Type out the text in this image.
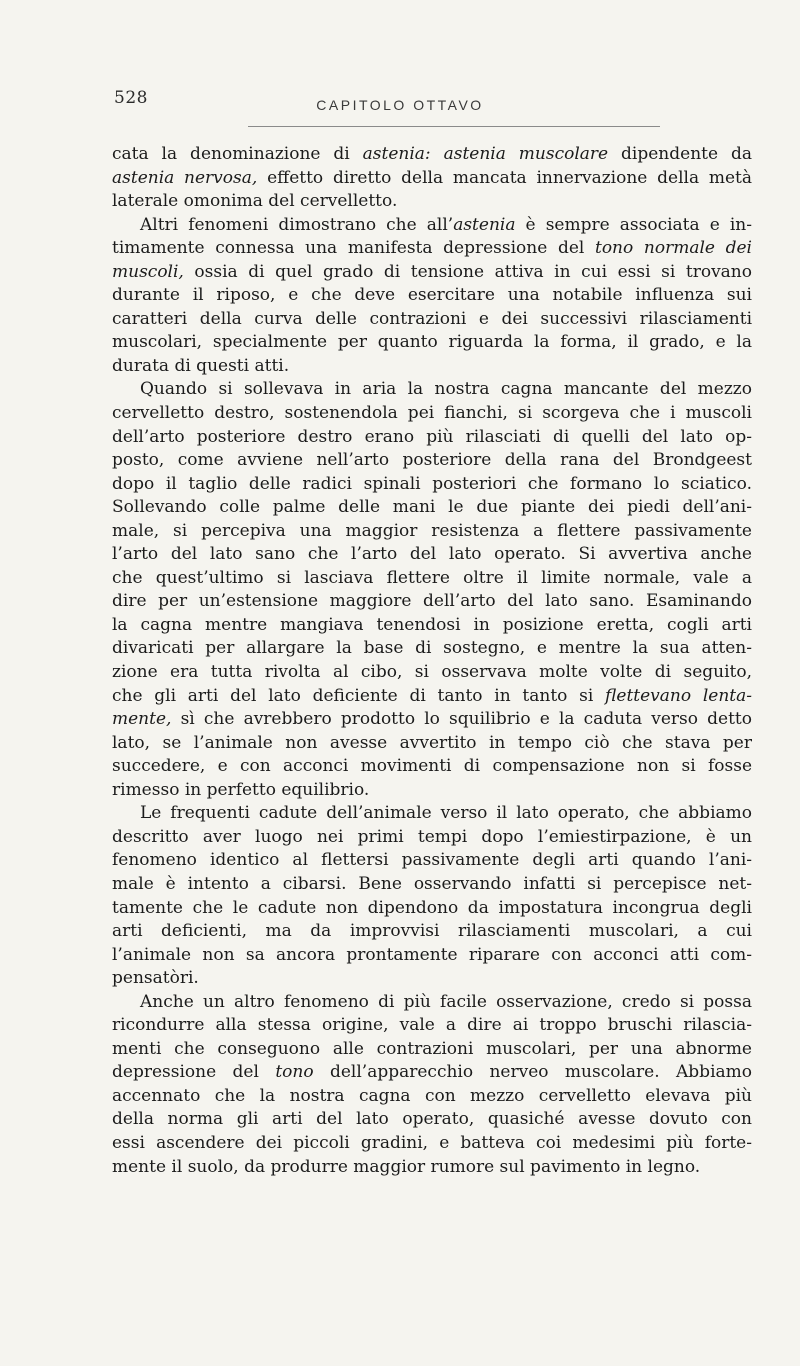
528	CAPITOLO OTTAVO
cata la denominazione di astenia: astenia muscolare dipendente da
astenia nervosa, effetto diretto della mancata innervazione della metà
laterale omonima del cervelletto.
Altri fenomeni dimostrano che all’astenia è sempre associata e in-
timamente connessa una manifesta depressione del tono normale dei
muscoli, ossia di quel grado di tensione attiva in cui essi si trovano
durante il riposo, e che deve esercitare una notabile influenza sui
caratteri della curva delle contrazioni e dei successivi rilasciamenti
muscolari, specialmente per quanto riguarda la forma, il grado, e la
durata di questi atti.
Quando si sollevava in aria la nostra cagna mancante del mezzo
cervelletto destro, sostenendola pei fianchi, si scorgeva che i muscoli
dell’arto posteriore destro erano più rilasciati di quelli del lato op-
posto, come avviene nell’arto posteriore della rana del Brondgeest
dopo il taglio delle radici spinali posteriori che formano lo sciatico.
Sollevando colle palme delle mani le due piante dei piedi dell’ani-
male, si percepiva una maggior resistenza a flettere passivamente
l’arto del lato sano che l’arto del lato operato. Si avvertiva anche
che quest’ultimo si lasciava flettere oltre il limite normale, vale a
dire per un’estensione maggiore dell’arto del lato sano. Esaminando
la cagna mentre mangiava tenendosi in posizione eretta, cogli arti
divaricati per allargare la base di sostegno, e mentre la sua atten-
zione era tutta rivolta al cibo, si osservava molte volte di seguito,
che gli arti del lato deficiente di tanto in tanto si flettevano lenta-
mente, sì che avrebbero prodotto lo squilibrio e la caduta verso detto
lato, se l’animale non avesse avvertito in tempo ciò che stava per
succedere, e con acconci movimenti di compensazione non si fosse
rimesso in perfetto equilibrio.
Le frequenti cadute dell’animale verso il lato operato, che abbiamo
descritto aver luogo nei primi tempi dopo l’emiestirpazione, è un
fenomeno identico al flettersi passivamente degli arti quando l’ani-
male è intento a cibarsi. Bene osservando infatti si percepisce net-
tamente che le cadute non dipendono da impostatura incongrua degli
arti deficienti, ma da improvvisi rilasciamenti muscolari, a cui
l’animale non sa ancora prontamente riparare con acconci atti com-
pensatòri.
Anche un altro fenomeno di più facile osservazione, credo si possa
ricondurre alla stessa origine, vale a dire ai troppo bruschi rilascia-
menti che conseguono alle contrazioni muscolari, per una abnorme
depressione del tono dell’apparecchio nerveo muscolare. Abbiamo
accennato che la nostra cagna con mezzo cervelletto elevava più
della norma gli arti del lato operato, quasiché avesse dovuto con
essi ascendere dei piccoli gradini, e batteva coi medesimi più forte-
mente il suolo, da produrre maggior rumore sul pavimento in legno.
